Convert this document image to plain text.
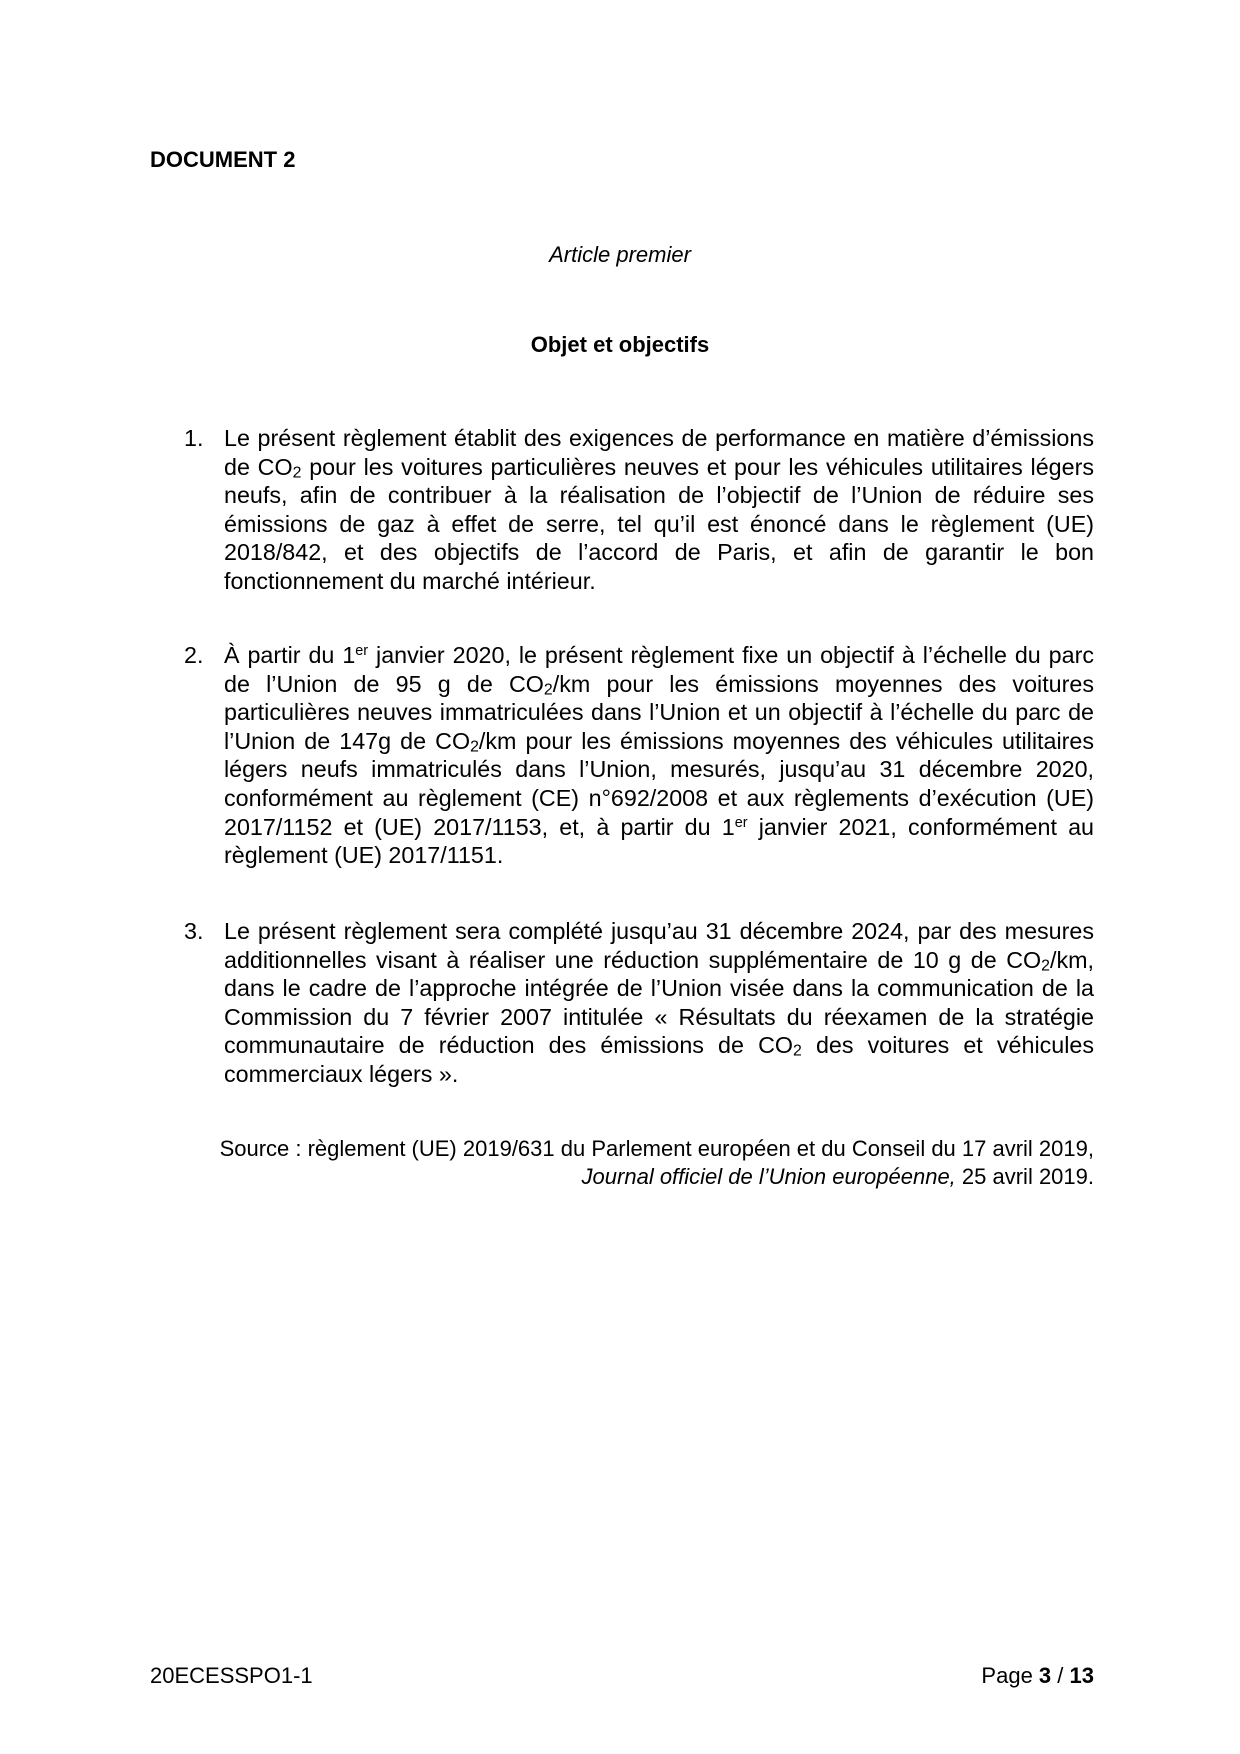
DOCUMENT 2
Article premier
Objet et objectifs
1. Le présent règlement établit des exigences de performance en matière d’émissions de $CO_2$ pour les voitures particulières neuves et pour les véhicules utilitaires légers neufs, afin de contribuer à la réalisation de l’objectif de l’Union de réduire ses émissions de gaz à effet de serre, tel qu’il est énoncé dans le règlement (UE) 2018/842, et des objectifs de l’accord de Paris, et afin de garantir le bon fonctionnement du marché intérieur.
2. À partir du 1er janvier 2020, le présent règlement fixe un objectif à l’échelle du parc de l’Union de 95 g de $CO_2/km$ pour les émissions moyennes des voitures particulières neuves immatriculées dans l’Union et un objectif à l’échelle du parc de l’Union de 147g de $CO_2/km$ pour les émissions moyennes des véhicules utilitaires légers neufs immatriculés dans l’Union, mesurés, jusqu’au 31 décembre 2020, conformément au règlement (CE) n°692/2008 et aux règlements d’exécution (UE) 2017/1152 et (UE) 2017/1153, et, à partir du 1er janvier 2021, conformément au règlement (UE) 2017/1151.
3. Le présent règlement sera complété jusqu’au 31 décembre 2024, par des mesures additionnelles visant à réaliser une réduction supplémentaire de 10 g de $CO_2/km$, dans le cadre de l’approche intégrée de l’Union visée dans la communication de la Commission du 7 février 2007 intitulée « Résultats du réexamen de la stratégie communautaire de réduction des émissions de $CO_2$ des voitures et véhicules commerciaux légers ».
Source : règlement (UE) 2019/631 du Parlement européen et du Conseil du 17 avril 2019,
Journal officiel de l’Union européenne, 25 avril 2019.
20ECESSPO1-1	Page 3 / 13
